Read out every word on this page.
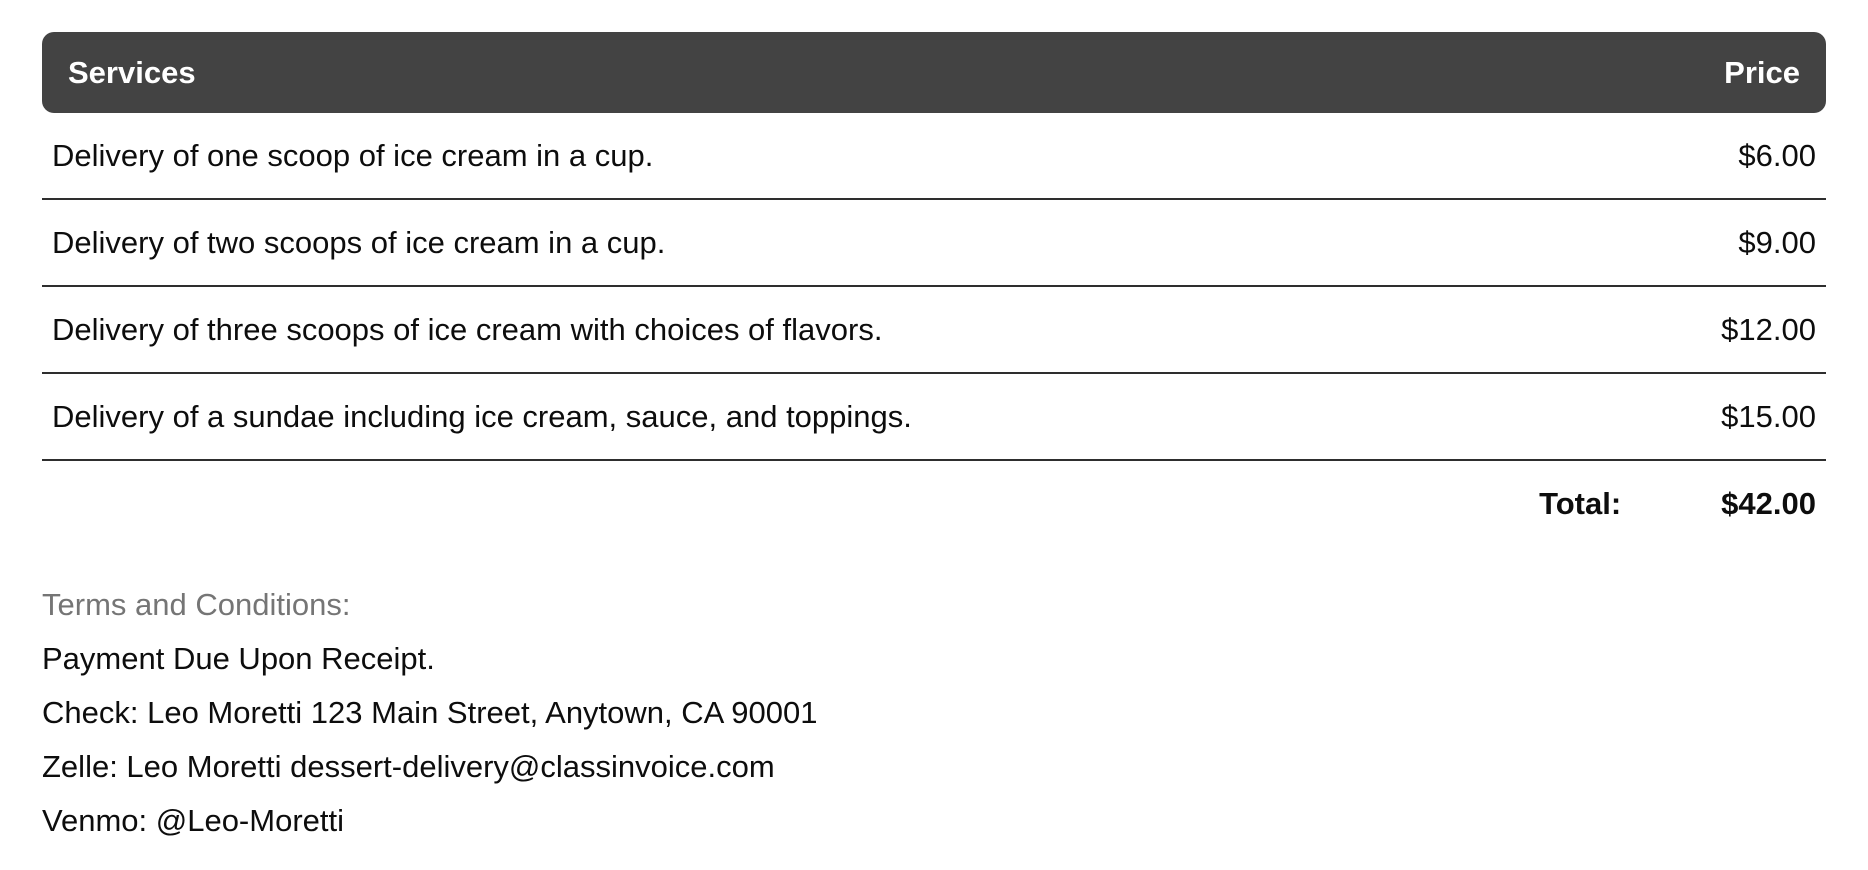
Services	Price
Delivery of one scoop of ice cream in a cup.	$6.00
Delivery of two scoops of ice cream in a cup.	$9.00
Delivery of three scoops of ice cream with choices of flavors.	$12.00
Delivery of a sundae including ice cream, sauce, and toppings.	$15.00
Total:	$42.00
Terms and Conditions:
Payment Due Upon Receipt.
Check: Leo Moretti 123 Main Street, Anytown, CA 90001
Zelle: Leo Moretti dessert-delivery@classinvoice.com
Venmo: @Leo-Moretti
